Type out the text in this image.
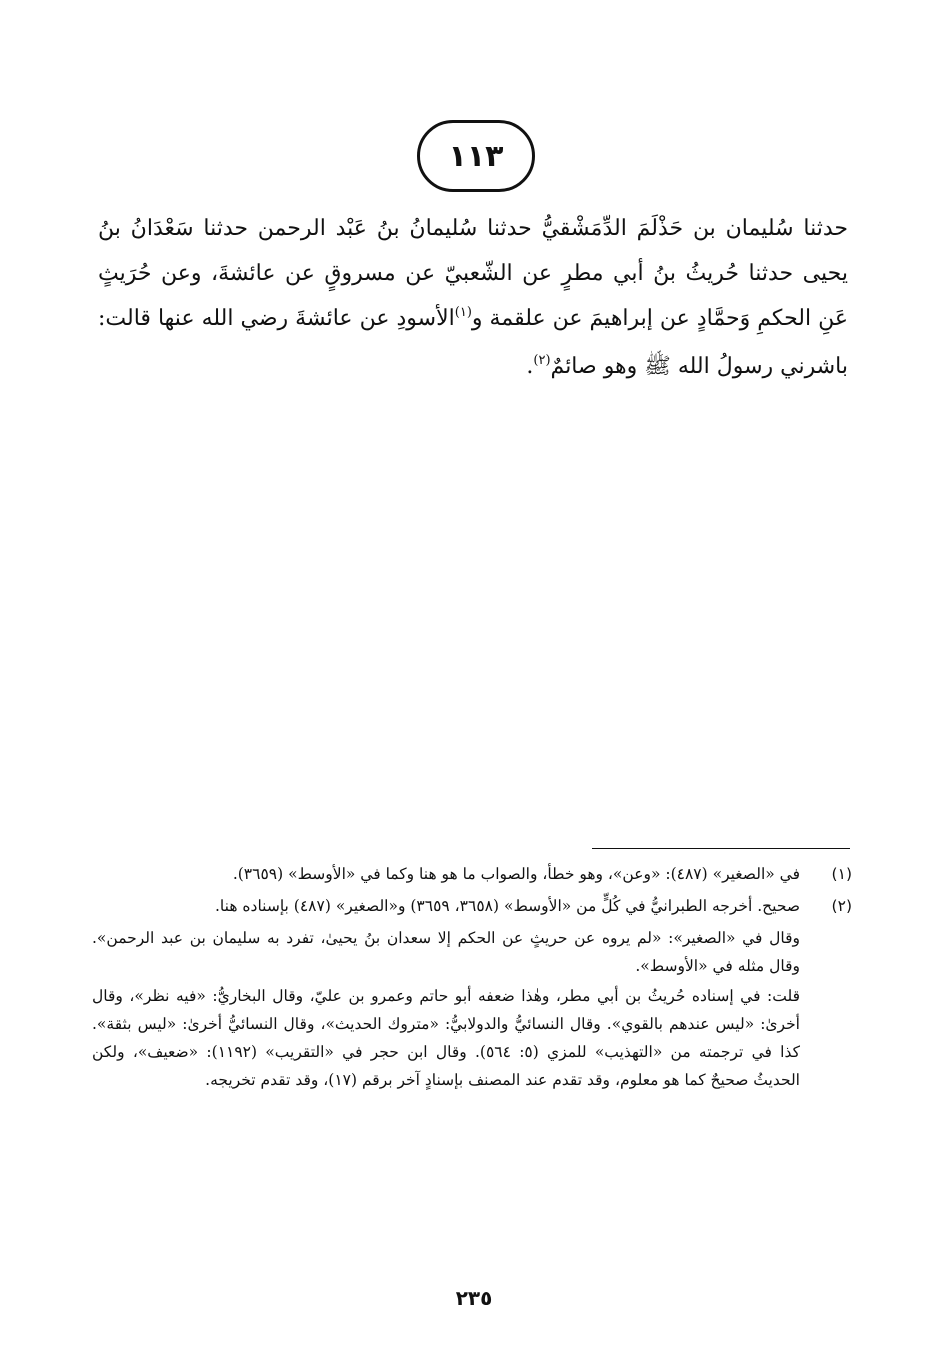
١١٣
حدثنا سُليمان بن حَذْلَمَ الدِّمَشْقيُّ حدثنا سُليمانُ بنُ عَبْد الرحمن حدثنا سَعْدَانُ بنُ يحيى حدثنا حُريثُ بنُ أبي مطرٍ عن الشّعبيّ عن مسروقٍ عن عائشةَ، وعن حُرَيثٍ عَنِ الحكمِ وَحمَّادٍ عن إبراهيمَ عن علقمة و$^{(١)}$الأسودِ عن عائشةَ رضي الله عنها قالت: باشرني رسولُ الله ﷺ وهو صائمٌ$^{(٢)}$.
(١)

في «الصغير» (٤٨٧): «وعن»، وهو خطأ، والصواب ما هو هنا وكما في «الأوسط» (٣٦٥٩).

(٢)

صحيح. أخرجه الطبرانيُّ في كُلٍّ من «الأوسط» (٣٦٥٨، ٣٦٥٩) و«الصغير» (٤٨٧) بإسناده هنا.

وقال في «الصغير»: «لم يروه عن حريثٍ عن الحكم إلا سعدان بنُ يحيىٰ، تفرد به سليمان بن عبد الرحمن». وقال مثله في «الأوسط».

قلت: في إسناده حُريثُ بن أبي مطر، وهٰذا ضعفه أبو حاتم وعمرو بن عليّ، وقال البخاريُّ: «فيه نظر»، وقال أخرىٰ: «ليس عندهم بالقوي». وقال النسائيُّ والدولابيُّ: «متروك الحديث»، وقال النسائيُّ أخرىٰ: «ليس بثقة». كذا في ترجمته من «التهذيب» للمزي (٥: ٥٦٤). وقال ابن حجر في «التقريب» (١١٩٢): «ضعيف»، ولكن الحديثُ صحيحٌ كما هو معلوم، وقد تقدم عند المصنف بإسنادٍ آخر برقم (١٧)، وقد تقدم تخريجه.

٢٣٥
